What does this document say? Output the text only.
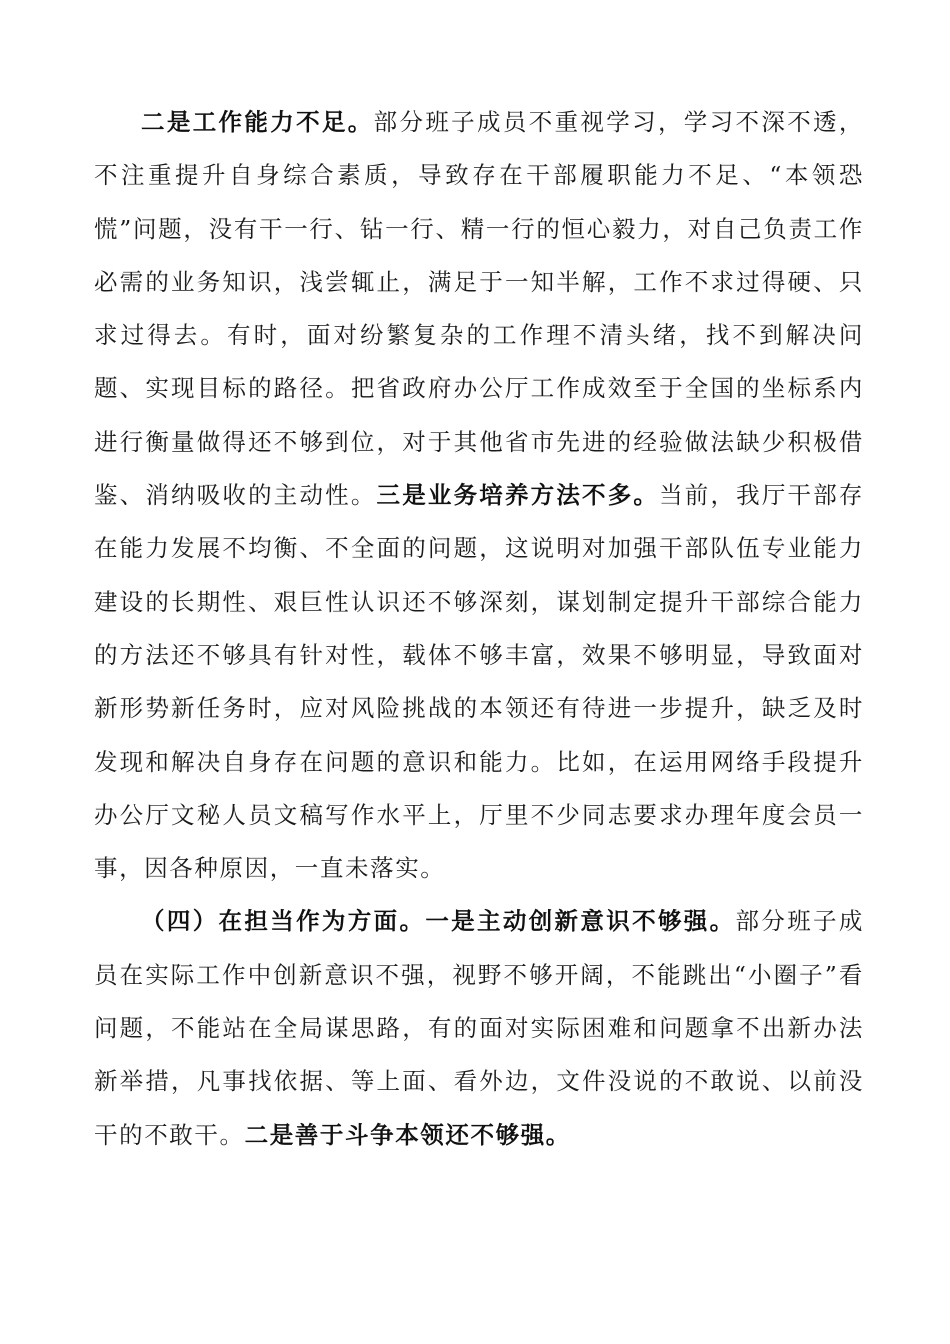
二是工作能力不足。部分班子成员不重视学习，学习不深不透，不注重提升自身综合素质，导致存在干部履职能力不足、“本领恐慌”问题，没有干一行、钻一行、精一行的恒心毅力，对自己负责工作必需的业务知识，浅尝辄止，满足于一知半解，工作不求过得硬、只求过得去。有时，面对纷繁复杂的工作理不清头绪，找不到解决问题、实现目标的路径。把省政府办公厅工作成效至于全国的坐标系内进行衡量做得还不够到位，对于其他省市先进的经验做法缺少积极借鉴、消纳吸收的主动性。三是业务培养方法不多。当前，我厅干部存在能力发展不均衡、不全面的问题，这说明对加强干部队伍专业能力建设的长期性、艰巨性认识还不够深刻，谋划制定提升干部综合能力的方法还不够具有针对性，载体不够丰富，效果不够明显，导致面对新形势新任务时，应对风险挑战的本领还有待进一步提升，缺乏及时发现和解决自身存在问题的意识和能力。比如，在运用网络手段提升办公厅文秘人员文稿写作水平上，厅里不少同志要求办理年度会员一事，因各种原因，一直未落实。

（四）在担当作为方面。一是主动创新意识不够强。部分班子成员在实际工作中创新意识不强，视野不够开阔，不能跳出“小圈子”看问题，不能站在全局谋思路，有的面对实际困难和问题拿不出新办法新举措，凡事找依据、等上面、看外边，文件没说的不敢说、以前没干的不敢干。二是善于斗争本领还不够强。
